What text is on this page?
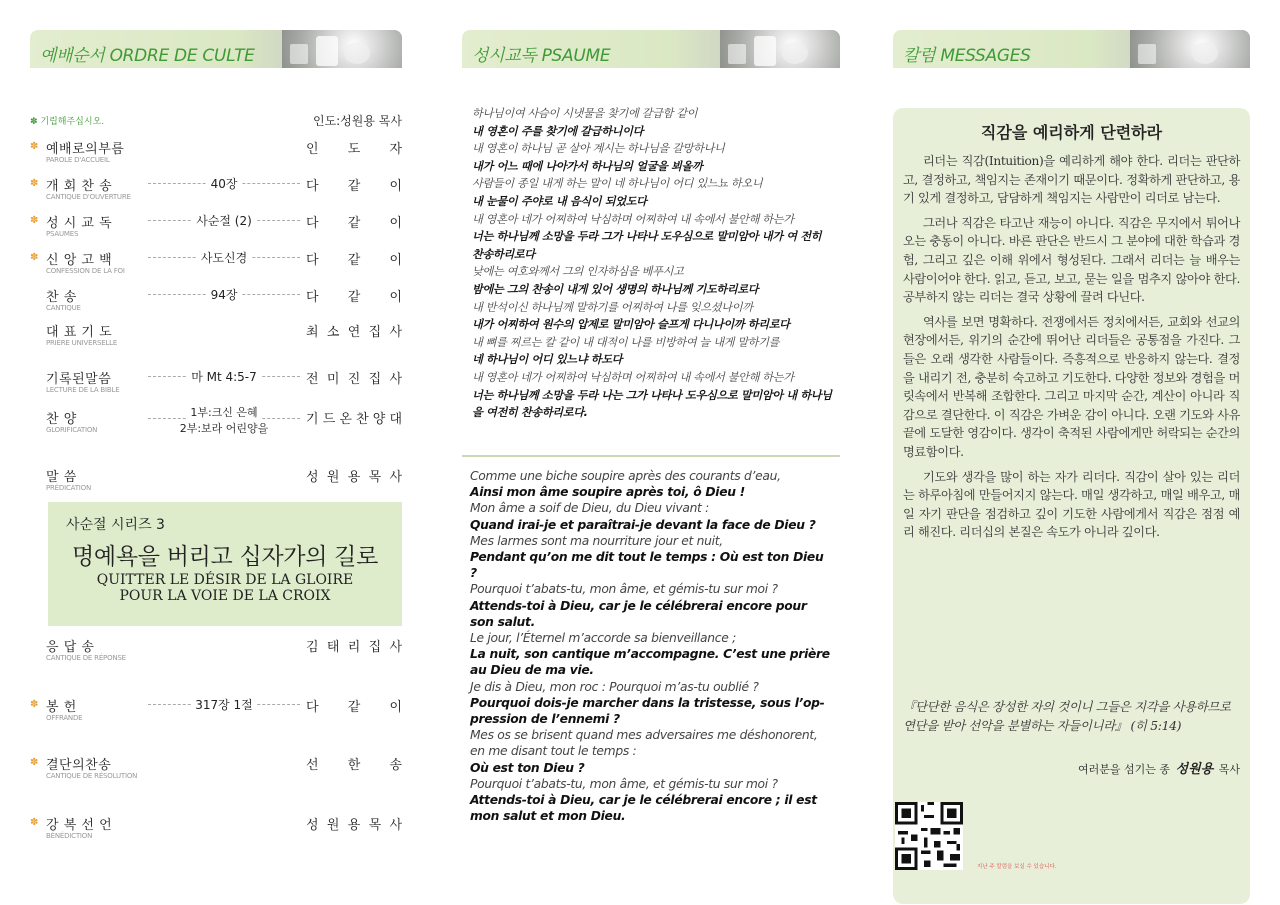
예배순서 ORDRE DE CULTE
✽ 기립해주십시오.	인도:성원용 목사
✽ 예배로의부름
PAROLE D'ACCUEIL
인 도 자
✽ 개 회 찬 송
CANTIQUE D'OUVERTURE
40장	다 같 이
✽ 성 시 교 독
PSAUMES
사순절 (2)	다 같 이
✽ 신 앙 고 백
CONFESSION DE LA FOI
사도신경	다 같 이
찬 송
CANTIQUE
94장	다 같 이
대 표 기 도
PRIÈRE UNIVERSELLE
최 소 연 집 사
기록된말씀
LECTURE DE LA BIBLE
마 Mt 4:5-7	전 미 진 집 사
찬 양
GLORIFICATION
1부:크신 은혜
2부:보라 어린양을
기 드 온 찬 양 대
말 씀
PRÉDICATION
성 원 용 목 사
응 답 송
CANTIQUE DE RÉPONSE
김 태 리 집 사
✽ 봉 헌
OFFRANDE
317장 1절	다 같 이
✽ 결단의찬송
CANTIQUE DE RÉSOLUTION
선 한 송
✽ 강 복 선 언
BÉNÉDICTION
성 원 용 목 사
사순절 시리즈 3
명예욕을 버리고 십자가의 길로
QUITTER LE DÉSIR DE LA GLOIRE
POUR LA VOIE DE LA CROIX
성시교독 PSAUME
하나님이여 사슴이 시냇물을 찾기에 갈급함 같이
내 영혼이 주를 찾기에 갈급하니이다
내 영혼이 하나님 곧 살아 계시는 하나님을 갈망하나니
내가 어느 때에 나아가서 하나님의 얼굴을 뵈올까
사람들이 종일 내게 하는 말이 네 하나님이 어디 있느뇨 하오니
내 눈물이 주야로 내 음식이 되었도다
내 영혼아 네가 어찌하여 낙심하며 어찌하여 내 속에서 불안해 하는가
너는 하나님께 소망을 두라 그가 나타나 도우심으로 말미암아 내가 여 전히 찬송하리로다
낮에는 여호와께서 그의 인자하심을 베푸시고
밤에는 그의 찬송이 내게 있어 생명의 하나님께 기도하리로다
내 반석이신 하나님께 말하기를 어찌하여 나를 잊으셨나이까
내가 어찌하여 원수의 압제로 말미암아 슬프게 다니나이까 하리로다
내 뼈를 찌르는 칼 같이 내 대적이 나를 비방하여 늘 내게 말하기를
네 하나님이 어디 있느냐 하도다
내 영혼아 네가 어찌하여 낙심하며 어찌하여 내 속에서 불안해 하는가
너는 하나님께 소망을 두라 나는 그가 나타나 도우심으로 말미암아 내 하나님을 여전히 찬송하리로다.
Comme une biche soupire après des courants d’eau,
Ainsi mon âme soupire après toi, ô Dieu !
Mon âme a soif de Dieu, du Dieu vivant :
Quand irai-je et paraîtrai-je devant la face de Dieu ?
Mes larmes sont ma nourriture jour et nuit,
Pendant qu’on me dit tout le temps : Où est ton Dieu ?
Pourquoi t’abats-tu, mon âme, et gémis-tu sur moi ?
Attends-toi à Dieu, car je le célébrerai encore pour son salut.
Le jour, l’Éternel m’accorde sa bienveillance ;
La nuit, son cantique m’accompagne. C’est une prière au Dieu de ma vie.
Je dis à Dieu, mon roc : Pourquoi m’as-tu oublié ?
Pourquoi dois-je marcher dans la tristesse, sous l’op- pression de l’ennemi ?
Mes os se brisent quand mes adversaires me déshonorent, en me disant tout le temps :
Où est ton Dieu ?
Pourquoi t’abats-tu, mon âme, et gémis-tu sur moi ?
Attends-toi à Dieu, car je le célébrerai encore ; il est mon salut et mon Dieu.
칼럼 MESSAGES
직감을 예리하게 단련하라

리더는 직감(Intuition)을 예리하게 해야 한다. 리더는 판단하고, 결정하고, 책임지는 존재이기 때문이다. 정확하게 판단하고, 용기 있게 결정하고, 담담하게 책임지는 사람만이 리더로 남는다.

그러나 직감은 타고난 재능이 아니다. 직감은 무지에서 튀어나오는 충동이 아니다. 바른 판단은 반드시 그 분야에 대한 학습과 경험, 그리고 깊은 이해 위에서 형성된다. 그래서 리더는 늘 배우는 사람이어야 한다. 읽고, 듣고, 보고, 묻는 일을 멈추지 않아야 한다. 공부하지 않는 리더는 결국 상황에 끌려 다닌다.

역사를 보면 명확하다. 전쟁에서든 정치에서든, 교회와 선교의 현장에서든, 위기의 순간에 뛰어난 리더들은 공통점을 가진다. 그들은 오래 생각한 사람들이다. 즉흥적으로 반응하지 않는다. 결정을 내리기 전, 충분히 숙고하고 기도한다. 다양한 정보와 경험을 머릿속에서 반복해 조합한다. 그리고 마지막 순간, 계산이 아니라 직감으로 결단한다. 이 직감은 가벼운 감이 아니다. 오랜 기도와 사유 끝에 도달한 영감이다. 생각이 축적된 사람에게만 허락되는 순간의 명료함이다.

기도와 생각을 많이 하는 자가 리더다. 직감이 살아 있는 리더는 하루아침에 만들어지지 않는다. 매일 생각하고, 매일 배우고, 매일 자기 판단을 점검하고 깊이 기도한 사람에게서 직감은 점점 예리 해진다. 리더십의 본질은 속도가 아니라 깊이다.

『단단한 음식은 장성한 자의 것이니 그들은 지각을 사용하므로 연단을 받아 선악을 분별하는 자들이니라』 (히 5:14)
여러분을 섬기는 종 성원용 목사
지난 주 칼럼을 보실 수 있습니다.
